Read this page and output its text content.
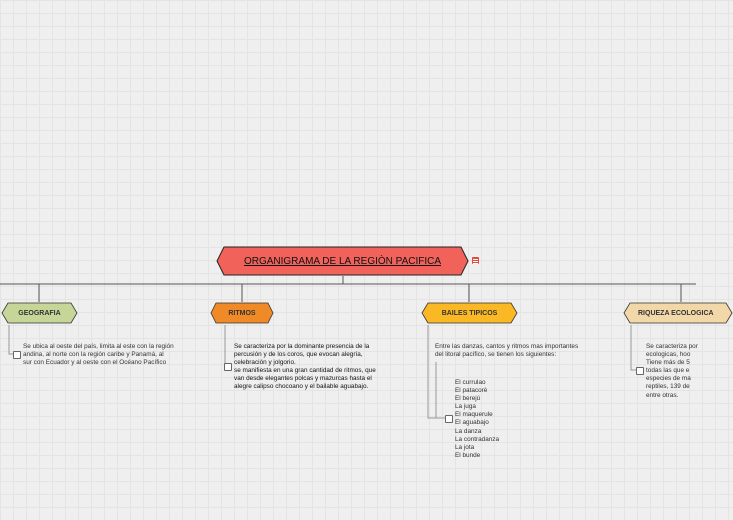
ORGANIGRAMA DE LA REGIÒN PACIFICA
GEOGRAFIA
Se ubica al oeste del país, limita al este con la región
andina, al norte con la región caribe y Panamá, al
sur con Ecuador y al oeste con el Océano Pacífico
RITMOS
Se caracteriza por la dominante presencia de la
percusión y de los coros, que evocan alegría,
celebración y jolgorio.
se manifiesta en una gran cantidad de ritmos, que
van desde elegantes polcas y mazurcas hasta el
alegre calipso chocoano y el bailable aguabajo.
BAILES TIPICOS
Entre las danzas, cantos y ritmos mas importantes
del litoral pacífico, se tienen los siguientes:
El currulao
El patacorè
El berejú
La juga
El maquerule
El aguabajo
La danza
La contradanza
La jota
El bunde
RIQUEZA ECOLOGICA
Se caracteriza por
ecologicas, hoo
Tiene más de 5
todas las que e
especies de ma
reptiles, 139 de
entre otras.
